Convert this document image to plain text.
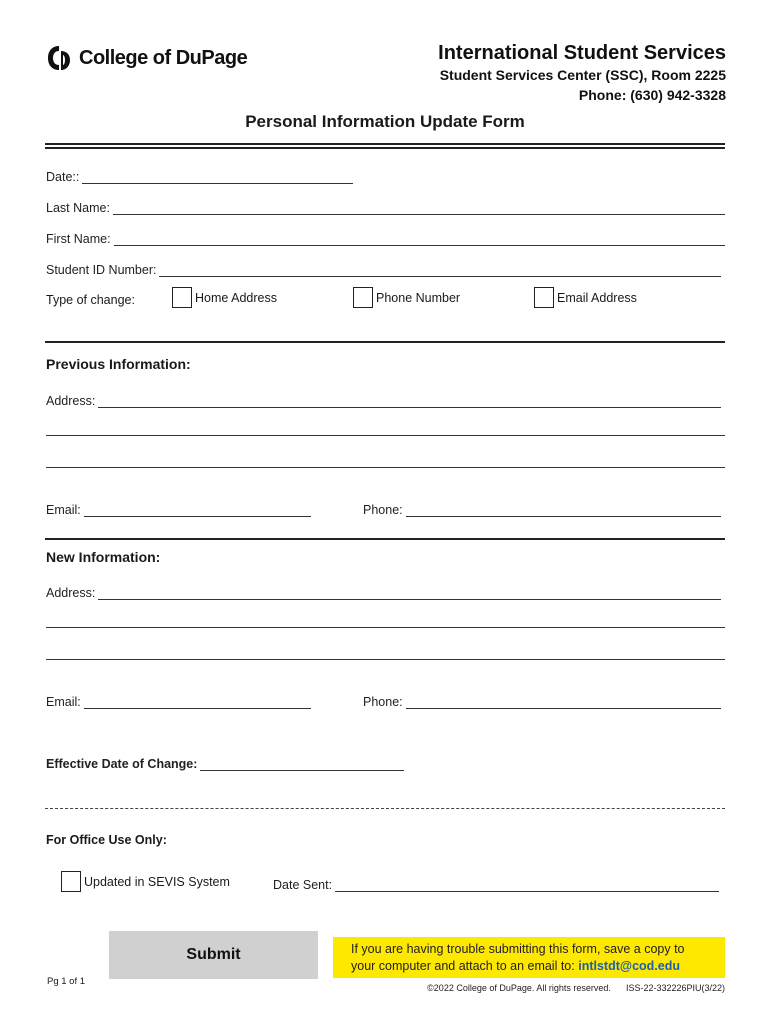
College of DuPage	International Student Services
Student Services Center (SSC), Room 2225
Phone: (630) 942-3328
Personal Information Update Form
Date::
Last Name:
First Name:
Student ID Number:
Type of change:	Home Address	Phone Number	Email Address
Previous Information:
Address:
Email:	Phone:
New Information:
Address:
Email:	Phone:
Effective Date of Change:
For Office Use Only:
Updated in SEVIS System	Date Sent:
Submit	If you are having trouble submitting this form, save a copy to your computer and attach to an email to: intlstdt@cod.edu
Pg 1 of 1
©2022 College of DuPage. All rights reserved. ISS-22-332226PIU(3/22)
